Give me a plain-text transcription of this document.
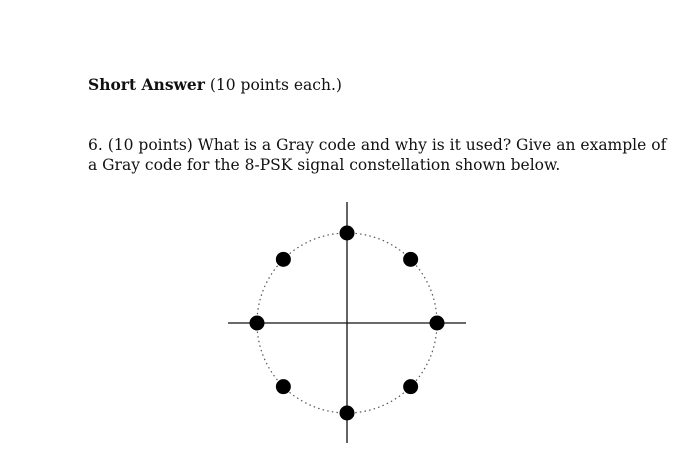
Short Answer (10 points each.)
6. (10 points) What is a Gray code and why is it used? Give an example of
a Gray code for the 8-PSK signal constellation shown below.
